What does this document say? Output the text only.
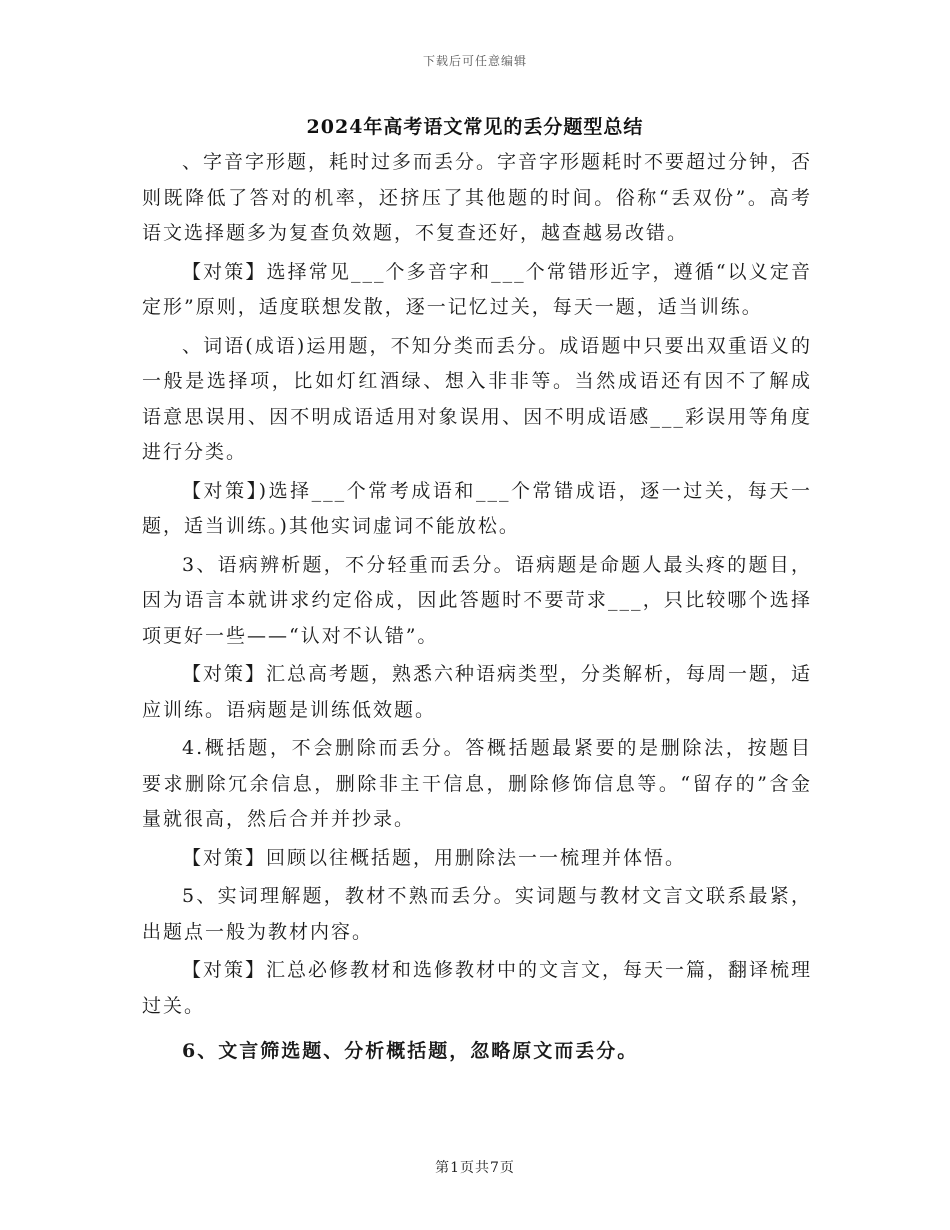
下载后可任意编辑
2024年高考语文常见的丢分题型总结

、字音字形题，耗时过多而丢分。字音字形题耗时不要超过分钟，否则既降低了答对的机率，还挤压了其他题的时间。俗称“丢双份”。高考语文选择题多为复查负效题，不复查还好，越查越易改错。

【对策】选择常见___个多音字和___个常错形近字，遵循“以义定音定形”原则，适度联想发散，逐一记忆过关，每天一题，适当训练。

、词语(成语)运用题，不知分类而丢分。成语题中只要出双重语义的一般是选择项，比如灯红酒绿、想入非非等。当然成语还有因不了解成语意思误用、因不明成语适用对象误用、因不明成语感___彩误用等角度进行分类。

【对策】)选择___个常考成语和___个常错成语，逐一过关，每天一题，适当训练。)其他实词虚词不能放松。

3、语病辨析题，不分轻重而丢分。语病题是命题人最头疼的题目，因为语言本就讲求约定俗成，因此答题时不要苛求___，只比较哪个选择项更好一些——“认对不认错”。

【对策】汇总高考题，熟悉六种语病类型，分类解析，每周一题，适应训练。语病题是训练低效题。

4.概括题，不会删除而丢分。答概括题最紧要的是删除法，按题目要求删除冗余信息，删除非主干信息，删除修饰信息等。“留存的”含金量就很高，然后合并并抄录。

【对策】回顾以往概括题，用删除法一一梳理并体悟。

5、实词理解题，教材不熟而丢分。实词题与教材文言文联系最紧，出题点一般为教材内容。

【对策】汇总必修教材和选修教材中的文言文，每天一篇，翻译梳理过关。

6、文言筛选题、分析概括题，忽略原文而丢分。

第1页共7页
